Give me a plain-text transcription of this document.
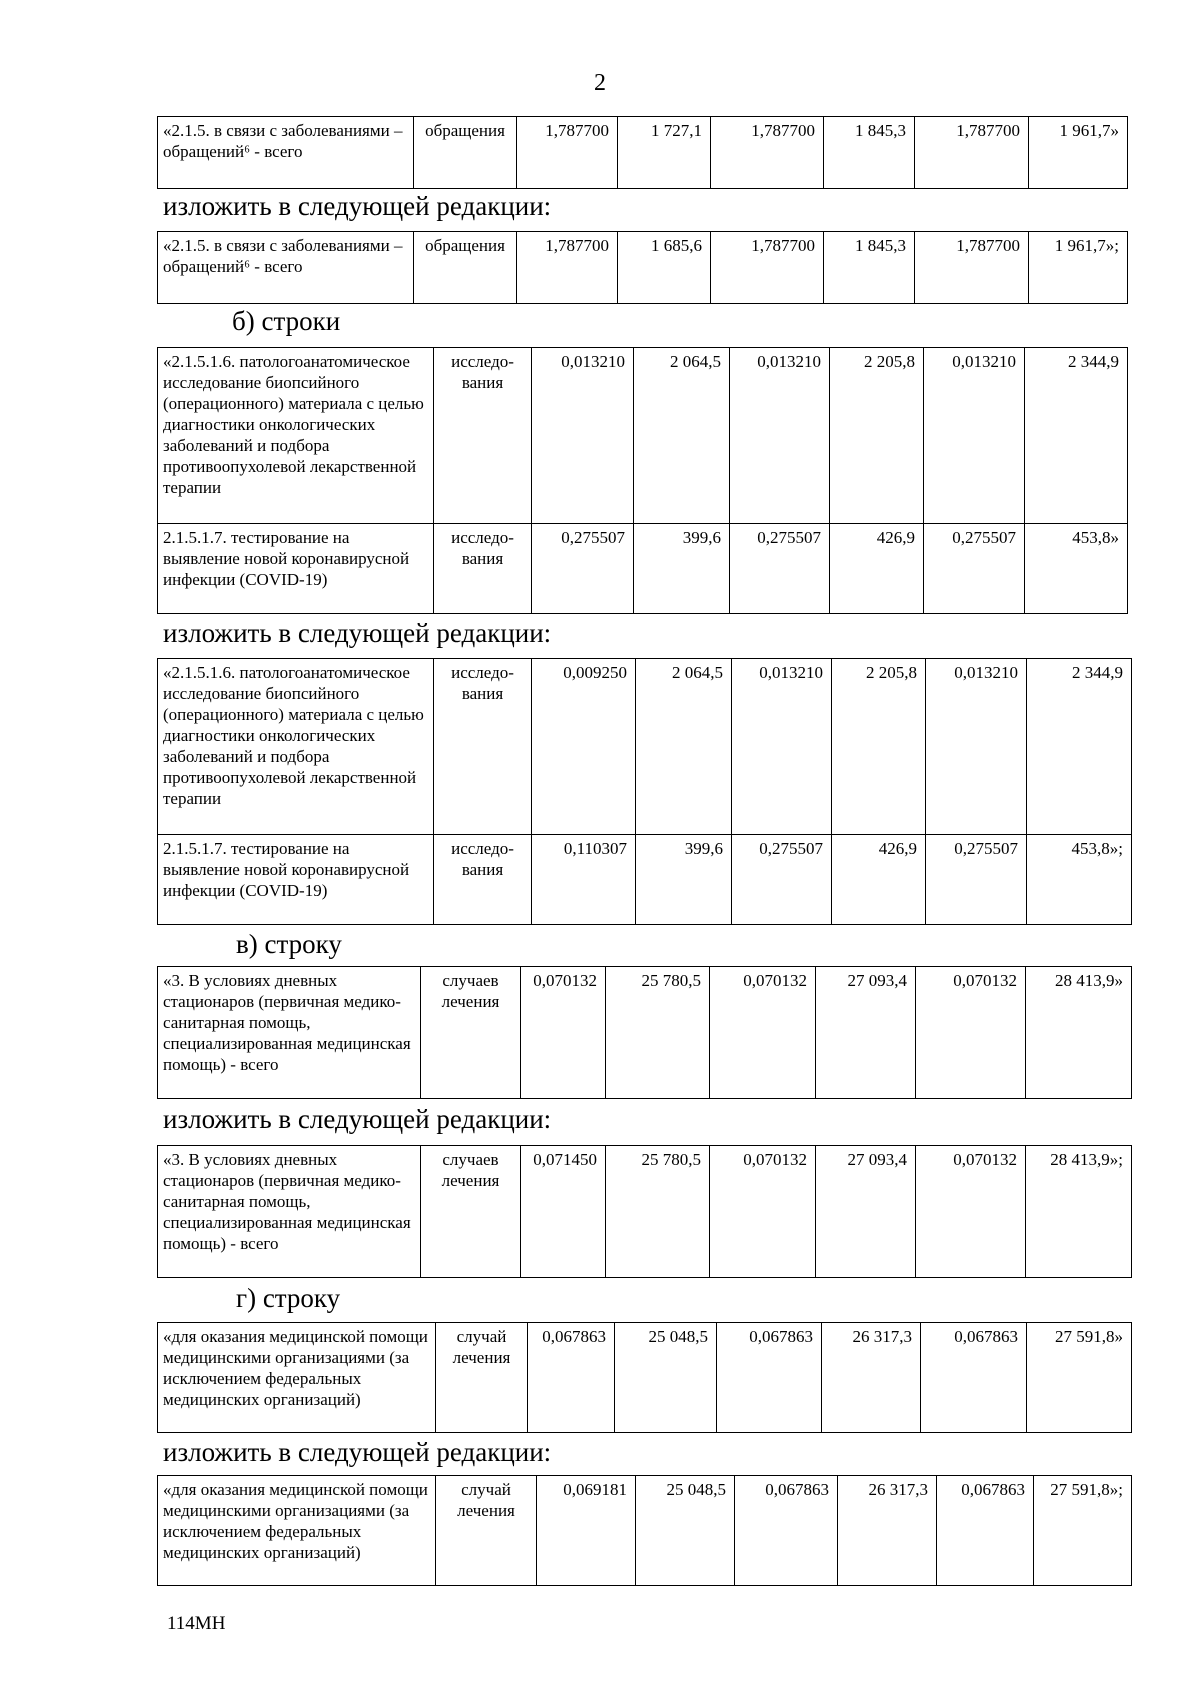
2
«2.1.5. в связи с заболеваниями – обращений⁶ - всего	обращения	1,787700	1 727,1	1,787700	1 845,3	1,787700	1 961,7»
изложить в следующей редакции:
«2.1.5. в связи с заболеваниями – обращений⁶ - всего	обращения	1,787700	1 685,6	1,787700	1 845,3	1,787700	1 961,7»;
б) строки
«2.1.5.1.6. патологоанатомическое исследование биопсийного (операционного) материала с целью диагностики онкологических заболеваний и подбора противоопухолевой лекарственной терапии	исследо-вания	0,013210	2 064,5	0,013210	2 205,8	0,013210	2 344,9
2.1.5.1.7. тестирование на выявление новой коронавирусной инфекции (COVID-19)	исследо-вания	0,275507	399,6	0,275507	426,9	0,275507	453,8»
изложить в следующей редакции:
«2.1.5.1.6. патологоанатомическое исследование биопсийного (операционного) материала с целью диагностики онкологических заболеваний и подбора противоопухолевой лекарственной терапии	исследо-вания	0,009250	2 064,5	0,013210	2 205,8	0,013210	2 344,9
2.1.5.1.7. тестирование на выявление новой коронавирусной инфекции (COVID-19)	исследо-вания	0,110307	399,6	0,275507	426,9	0,275507	453,8»;
в) строку
«3. В условиях дневных стационаров (первичная медико-санитарная помощь, специализированная медицинская помощь) - всего	случаев лечения	0,070132	25 780,5	0,070132	27 093,4	0,070132	28 413,9»
изложить в следующей редакции:
«3. В условиях дневных стационаров (первичная медико-санитарная помощь, специализированная медицинская помощь) - всего	случаев лечения	0,071450	25 780,5	0,070132	27 093,4	0,070132	28 413,9»;
г) строку
«для оказания медицинской помощи медицинскими организациями (за исключением федеральных медицинских организаций)	случай лечения	0,067863	25 048,5	0,067863	26 317,3	0,067863	27 591,8»
изложить в следующей редакции:
«для оказания медицинской помощи медицинскими организациями (за исключением федеральных медицинских организаций)	случай лечения	0,069181	25 048,5	0,067863	26 317,3	0,067863	27 591,8»;
114МН
